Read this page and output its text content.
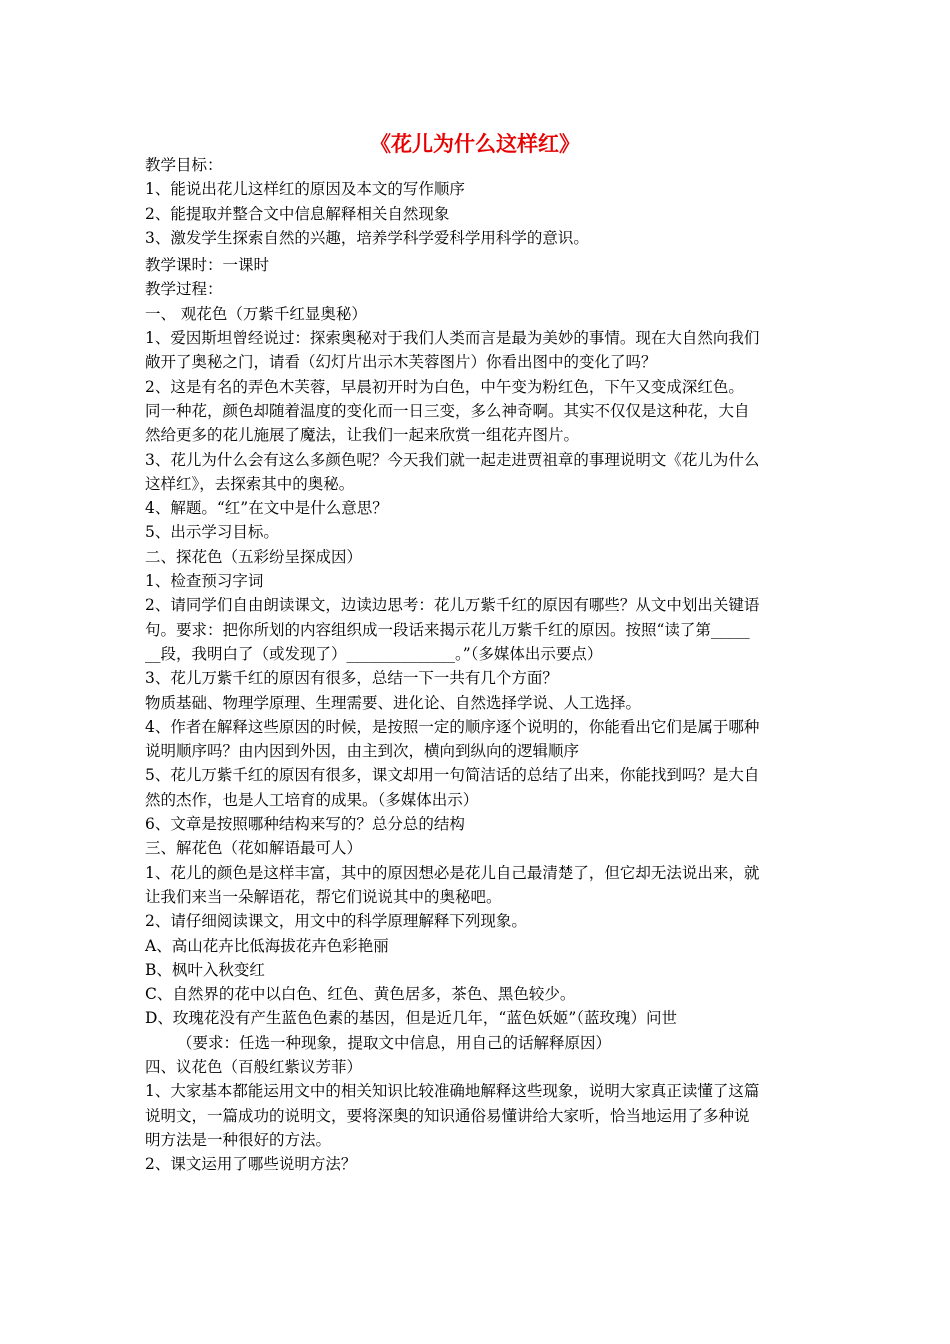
《花儿为什么这样红》
教学目标：
1、能说出花儿这样红的原因及本文的写作顺序
2、能提取并整合文中信息解释相关自然现象
3、激发学生探索自然的兴趣，培养学科学爱科学用科学的意识。
教学课时：一课时
教学过程：
一、 观花色（万紫千红显奥秘）
1、爱因斯坦曾经说过：探索奥秘对于我们人类而言是最为美妙的事情。现在大自然向我们
敞开了奥秘之门，请看（幻灯片出示木芙蓉图片）你看出图中的变化了吗？
2、这是有名的弄色木芙蓉，早晨初开时为白色，中午变为粉红色，下午又变成深红色。
同一种花，颜色却随着温度的变化而一日三变，多么神奇啊。其实不仅仅是这种花，大自
然给更多的花儿施展了魔法，让我们一起来欣赏一组花卉图片。
3、花儿为什么会有这么多颜色呢？今天我们就一起走进贾祖章的事理说明文《花儿为什么
这样红》，去探索其中的奥秘。
4、解题。“红”在文中是什么意思？
5、出示学习目标。
二、探花色（五彩纷呈探成因）
1、检查预习字词
2、请同学们自由朗读课文，边读边思考：花儿万紫千红的原因有哪些？从文中划出关键语
句。要求：把你所划的内容组织成一段话来揭示花儿万紫千红的原因。按照“读了第_____
__段，我明白了（或发现了）______________。”（多媒体出示要点）
3、花儿万紫千红的原因有很多，总结一下一共有几个方面？
物质基础、物理学原理、生理需要、进化论、自然选择学说、人工选择。
4、作者在解释这些原因的时候，是按照一定的顺序逐个说明的，你能看出它们是属于哪种
说明顺序吗？由内因到外因，由主到次，横向到纵向的逻辑顺序
5、花儿万紫千红的原因有很多，课文却用一句简洁话的总结了出来，你能找到吗？是大自
然的杰作，也是人工培育的成果。（多媒体出示）
6、文章是按照哪种结构来写的？总分总的结构
三、解花色（花如解语最可人）
1、花儿的颜色是这样丰富，其中的原因想必是花儿自己最清楚了，但它却无法说出来，就
让我们来当一朵解语花，帮它们说说其中的奥秘吧。
2、请仔细阅读课文，用文中的科学原理解释下列现象。
A、高山花卉比低海拔花卉色彩艳丽
B、枫叶入秋变红
C、自然界的花中以白色、红色、黄色居多，茶色、黑色较少。
D、玫瑰花没有产生蓝色色素的基因，但是近几年，“蓝色妖姬”（蓝玫瑰）问世
（要求：任选一种现象，提取文中信息，用自己的话解释原因）
四、议花色（百般红紫议芳菲）
1、大家基本都能运用文中的相关知识比较准确地解释这些现象，说明大家真正读懂了这篇
说明文，一篇成功的说明文，要将深奥的知识通俗易懂讲给大家听，恰当地运用了多种说
明方法是一种很好的方法。
2、课文运用了哪些说明方法？
